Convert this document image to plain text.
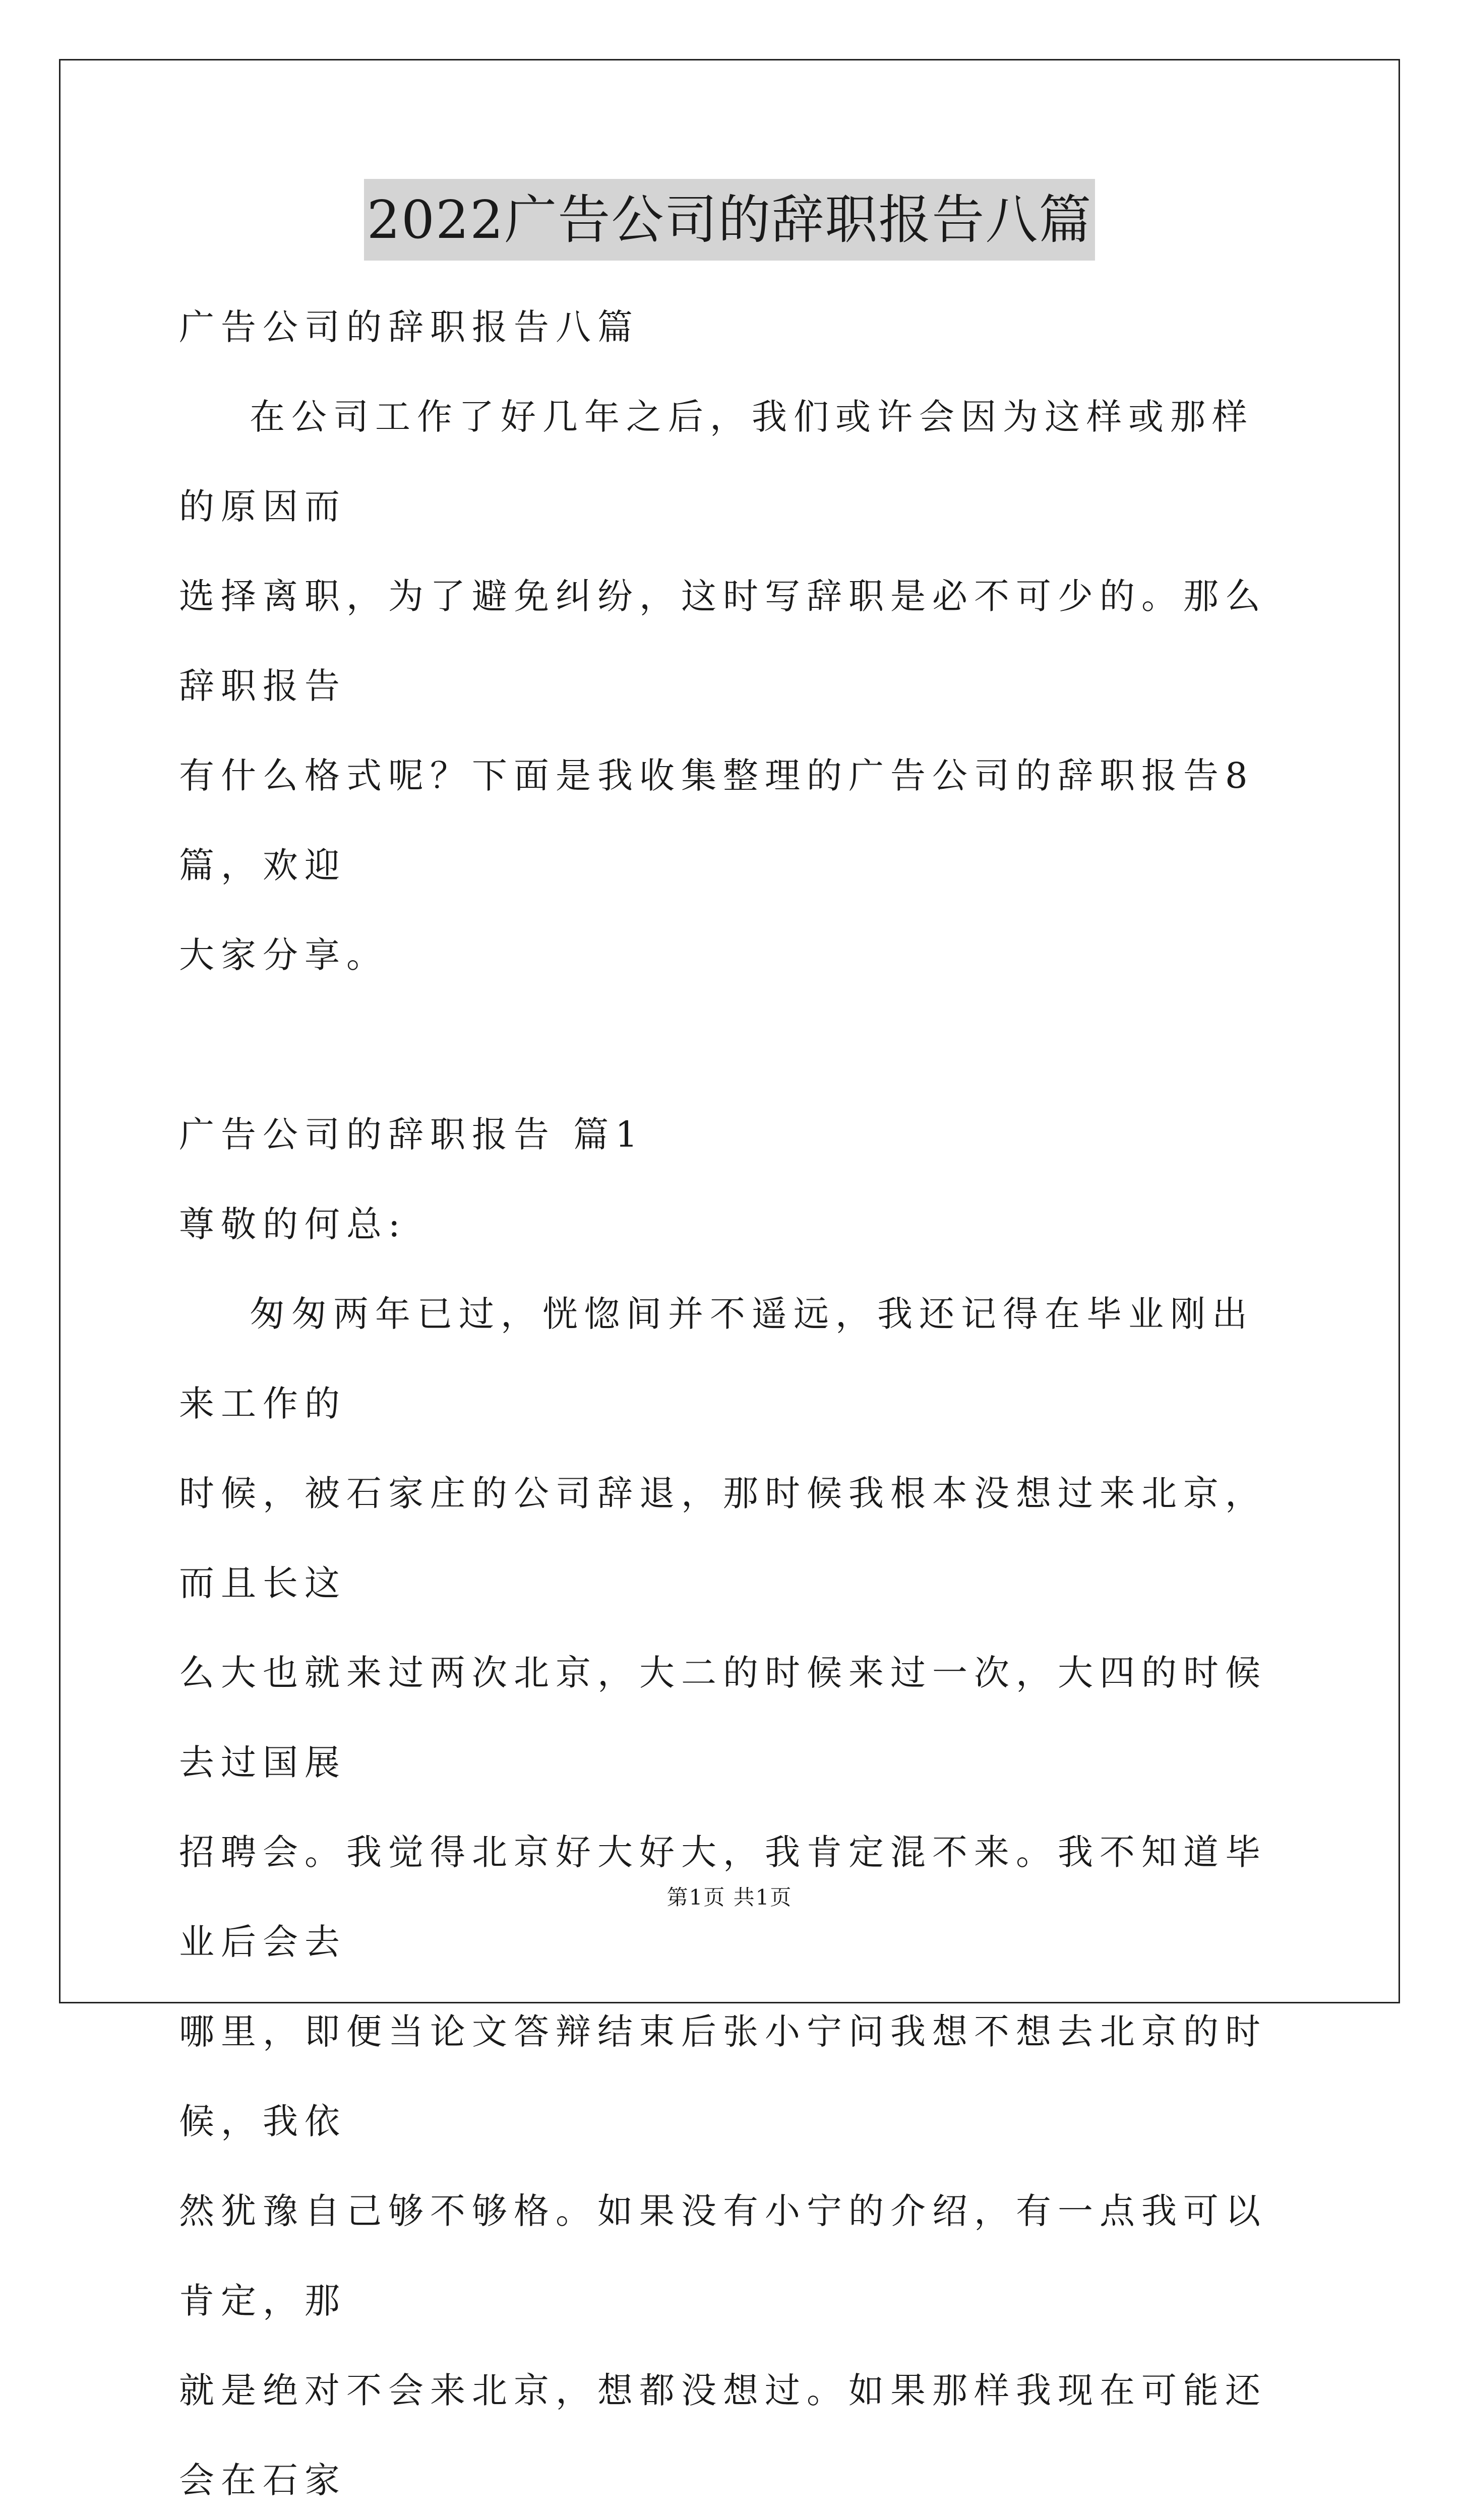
2022广告公司的辞职报告八篇

广告公司的辞职报告八篇

在公司工作了好几年之后，我们或许会因为这样或那样的原因而

选择离职，为了避免纠纷，这时写辞职是必不可少的。那么辞职报告

有什么格式呢？下面是我收集整理的广告公司的辞职报告8篇，欢迎

大家分享。

广告公司的辞职报告 篇1

尊敬的何总:

匆匆两年已过，恍惚间并不遥远，我还记得在毕业刚出来工作的

时候，被石家庄的公司辞退，那时候我根本没想过来北京，而且长这

么大也就来过两次北京，大二的时候来过一次，大四的时候去过国展

招聘会。我觉得北京好大好大，我肯定混不来。我不知道毕业后会去

哪里，即便当论文答辩结束后张小宁问我想不想去北京的时候，我依

然犹豫自己够不够格。如果没有小宁的介绍，有一点我可以肯定，那

就是绝对不会来北京，想都没想过。如果那样我现在可能还会在石家

第1页 共1页
